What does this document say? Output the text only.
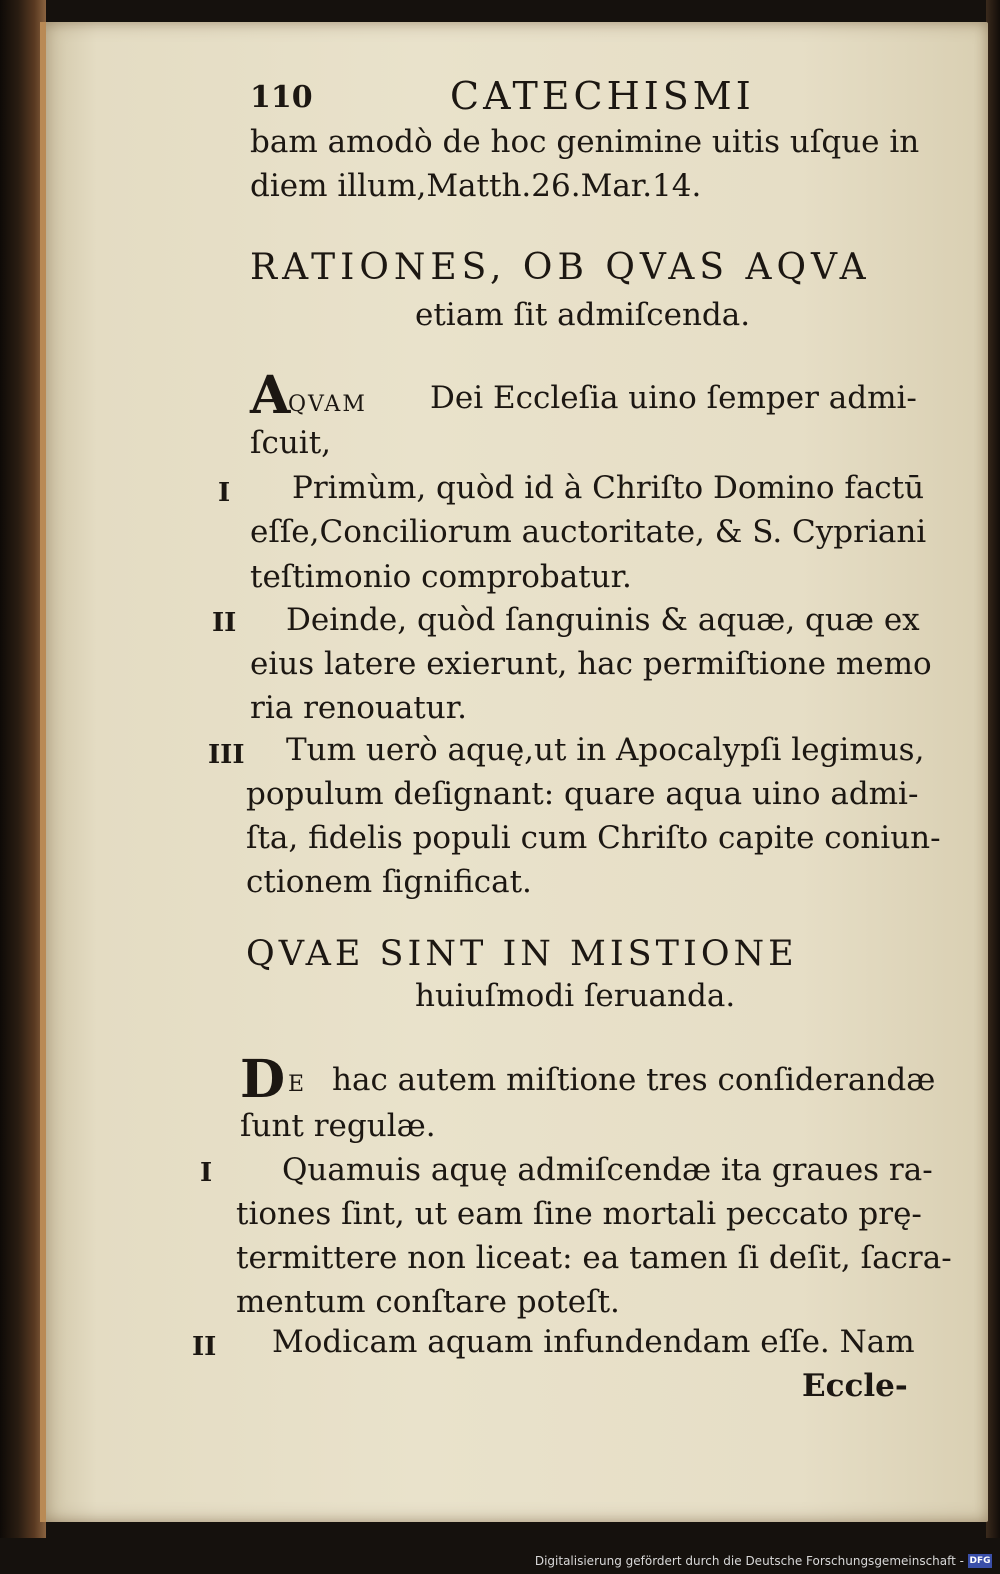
110	CATECHISMI
bam amodò de hoc genimine uitis uſque in
diem illum,Matth.26.Mar.14.
RATIONES, OB QVAS AQVA
etiam ſit admiſcenda.
A
QVAM Dei Eccleſia uino ſemper admi-
ſcuit,
I Primùm, quòd id à Chriſto Domino factū
eſſe,Conciliorum auctoritate, & S. Cypriani
teſtimonio comprobatur.
II Deinde, quòd ſanguinis & aquæ, quæ ex
eius latere exierunt, hac permiſtione memo
ria renouatur.
III Tum uerò aquę,ut in Apocalypſi legimus,
populum deſignant: quare aqua uino admi-
ſta, fidelis populi cum Chriſto capite coniun-
ctionem ſignificat.
QVAE SINT IN MISTIONE
huiuſmodi ſeruanda.
D E hac autem miſtione tres conſiderandæ
ſunt regulæ.
I Quamuis aquę admiſcendæ ita graues ra-
tiones ſint, ut eam ſine mortali peccato prę-
termittere non liceat: ea tamen ſi deſit, ſacra-
mentum conſtare poteſt.
II Modicam aquam infundendam eſſe. Nam
Eccle-
Digitalisierung gefördert durch die Deutsche Forschungsgemeinschaft - DFG
